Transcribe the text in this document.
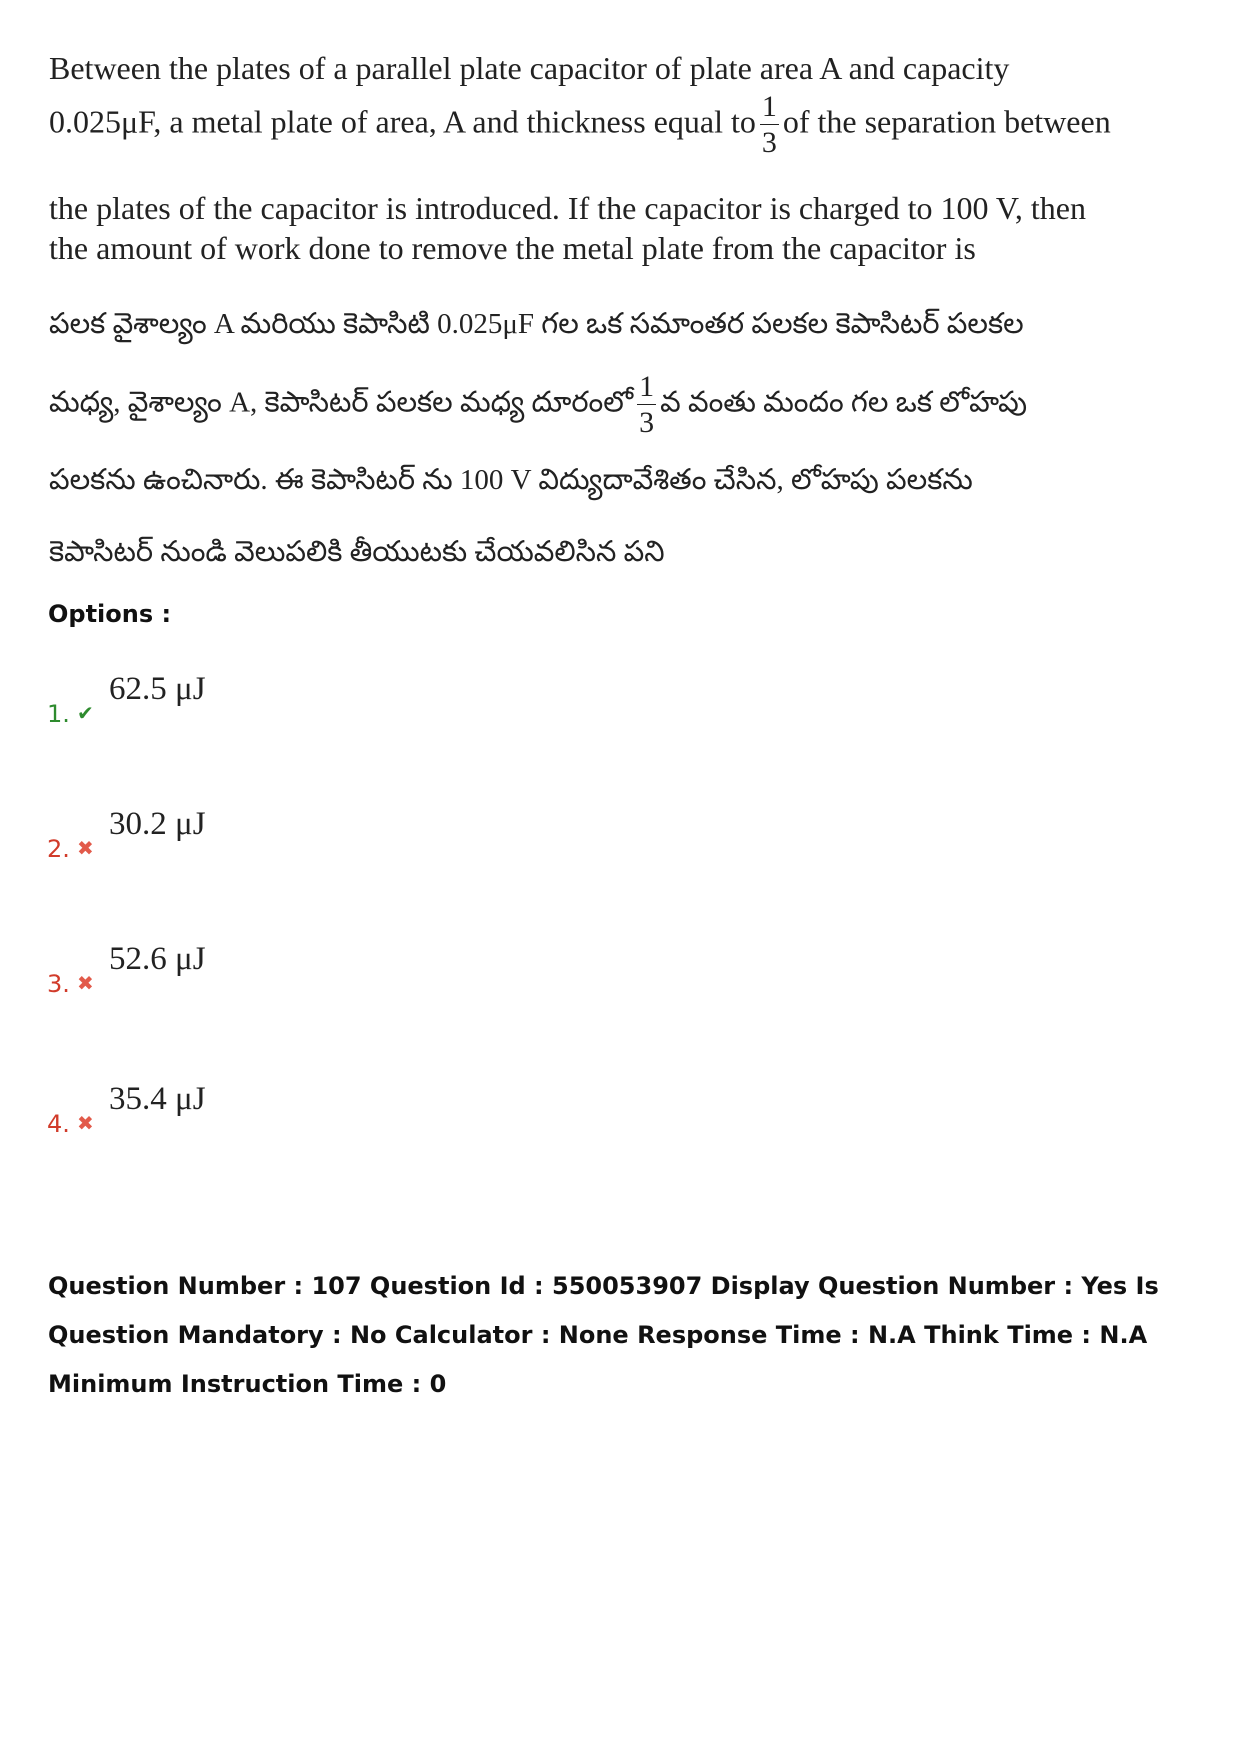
Between the plates of a parallel plate capacitor of plate area A and capacity
0.025μF, a metal plate of area, A and thickness equal to $\frac{1}{3}$ of the separation between
the plates of the capacitor is introduced. If the capacitor is charged to 100 V, then
the amount of work done to remove the metal plate from the capacitor is
పలక వైశాల్యం A మరియు కెపాసిటి 0.025μF గల ఒక సమాంతర పలకల కెపాసిటర్ పలకల
మధ్య, వైశాల్యం A, కెపాసిటర్ పలకల మధ్య దూరంలో $\frac{1}{3}$ వ వంతు మందం గల ఒక లోహపు
పలకను ఉంచినారు. ఈ కెపాసిటర్ ను 100 V విద్యుదావేశితం చేసిన, లోహపు పలకను
కెపాసిటర్ నుండి వెలుపలికి తీయుటకు చేయవలిసిన పని
Options :
1. ✔
62.5 μJ
2. ✖
30.2 μJ
3. ✖
52.6 μJ
4. ✖
35.4 μJ
Question Number : 107 Question Id : 550053907 Display Question Number : Yes Is Question Mandatory : No Calculator : None Response Time : N.A Think Time : N.A Minimum Instruction Time : 0
